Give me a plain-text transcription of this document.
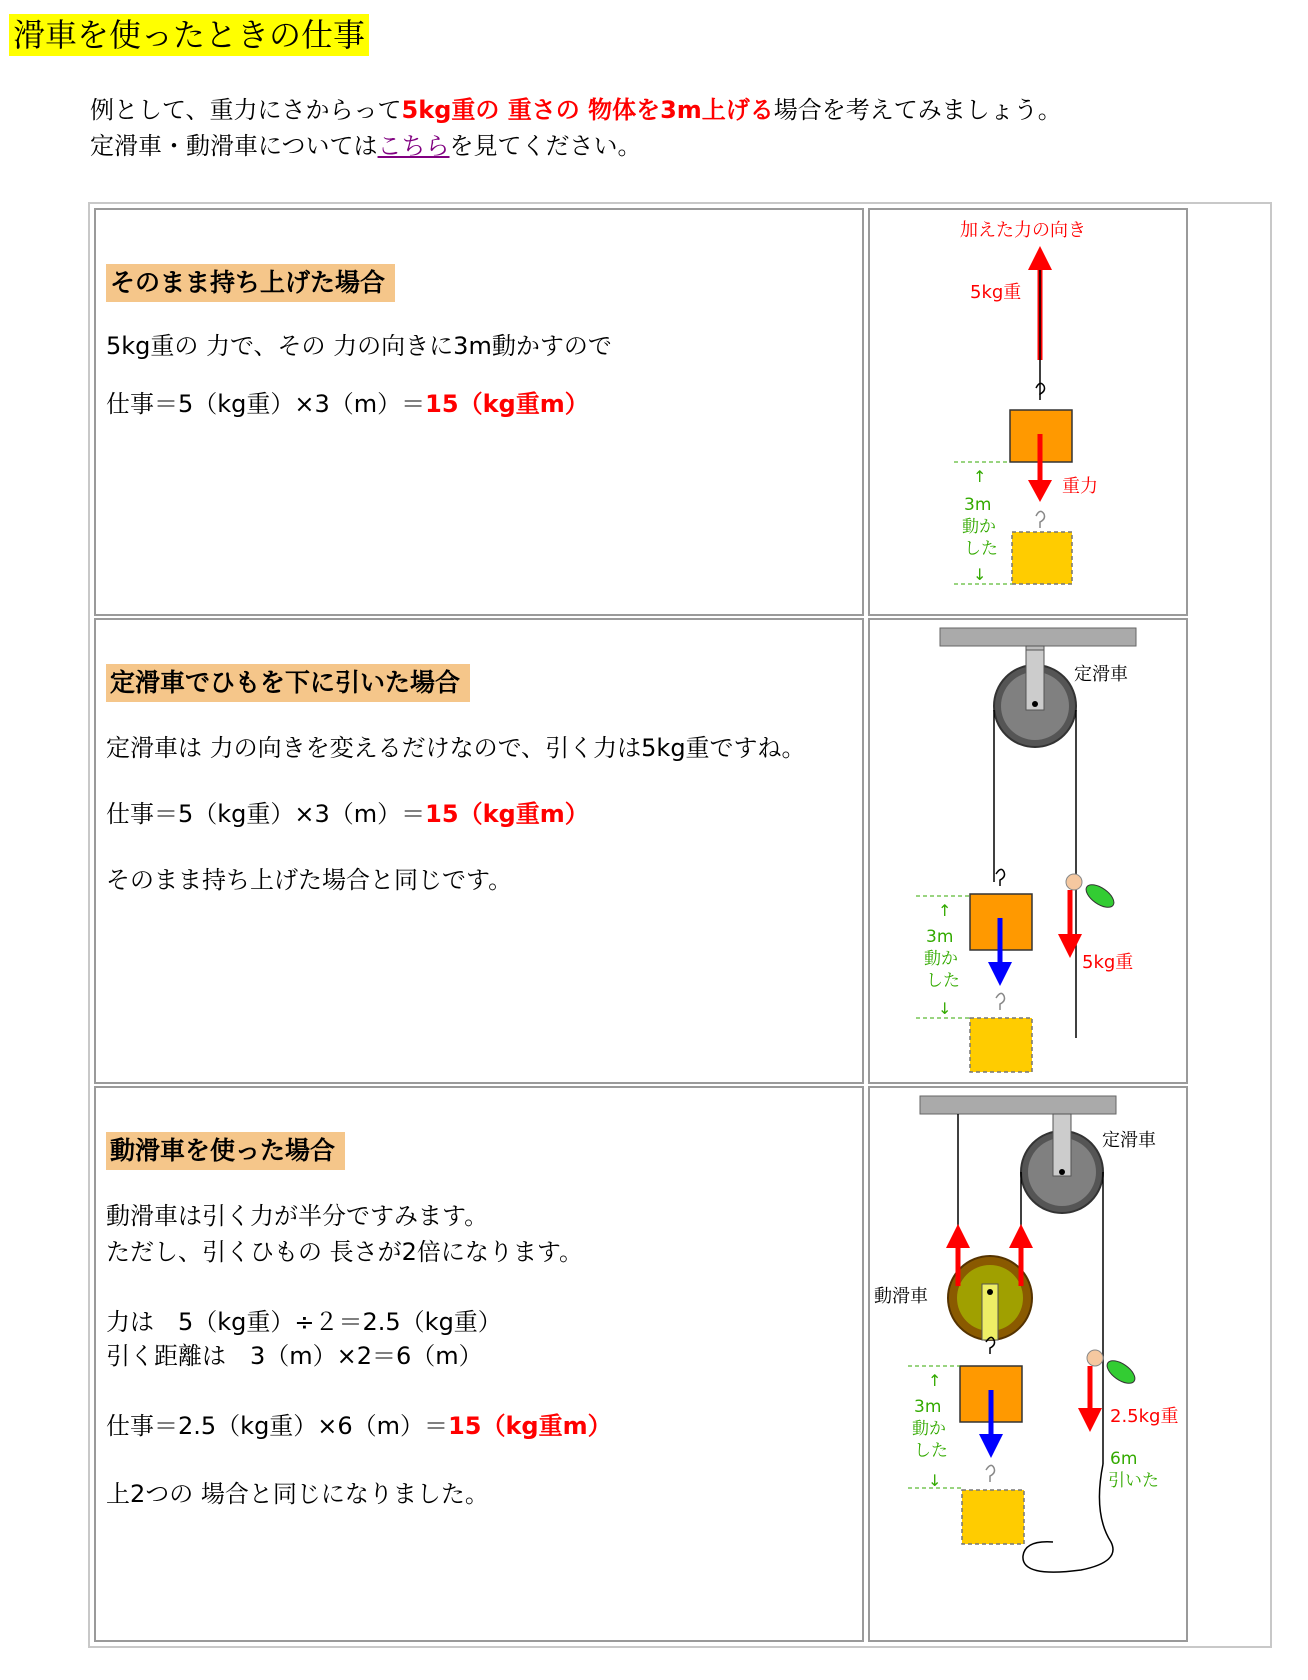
滑車を使ったときの仕事
例として、重力にさからって5kg重の 重さの 物体を3m上げる場合を考えてみましょう。
定滑車・動滑車についてはこちらを見てください。
そのまま持ち上げた場合
5kg重の 力で、その 力の向きに3m動かすので
仕事＝5（kg重）×3（m）＝15（kg重m）
加えた力の向き
5kg重
重力
↑
3m
動か
した
↓
定滑車でひもを下に引いた場合
定滑車は 力の向きを変えるだけなので、引く力は5kg重ですね。
仕事＝5（kg重）×3（m）＝15（kg重m）
そのまま持ち上げた場合と同じです。
定滑車
↑
3m
動か
した
↓
5kg重
動滑車を使った場合
動滑車は引く力が半分ですみます。
ただし、引くひもの 長さが2倍になります。
力は　5（kg重）÷２＝2.5（kg重）
引く距離は　3（m）×2＝6（m）
仕事＝2.5（kg重）×6（m）＝15（kg重m）
上2つの 場合と同じになりました。
定滑車
動滑車
↑
3m
動か
した
↓
2.5kg重
6m
引いた
